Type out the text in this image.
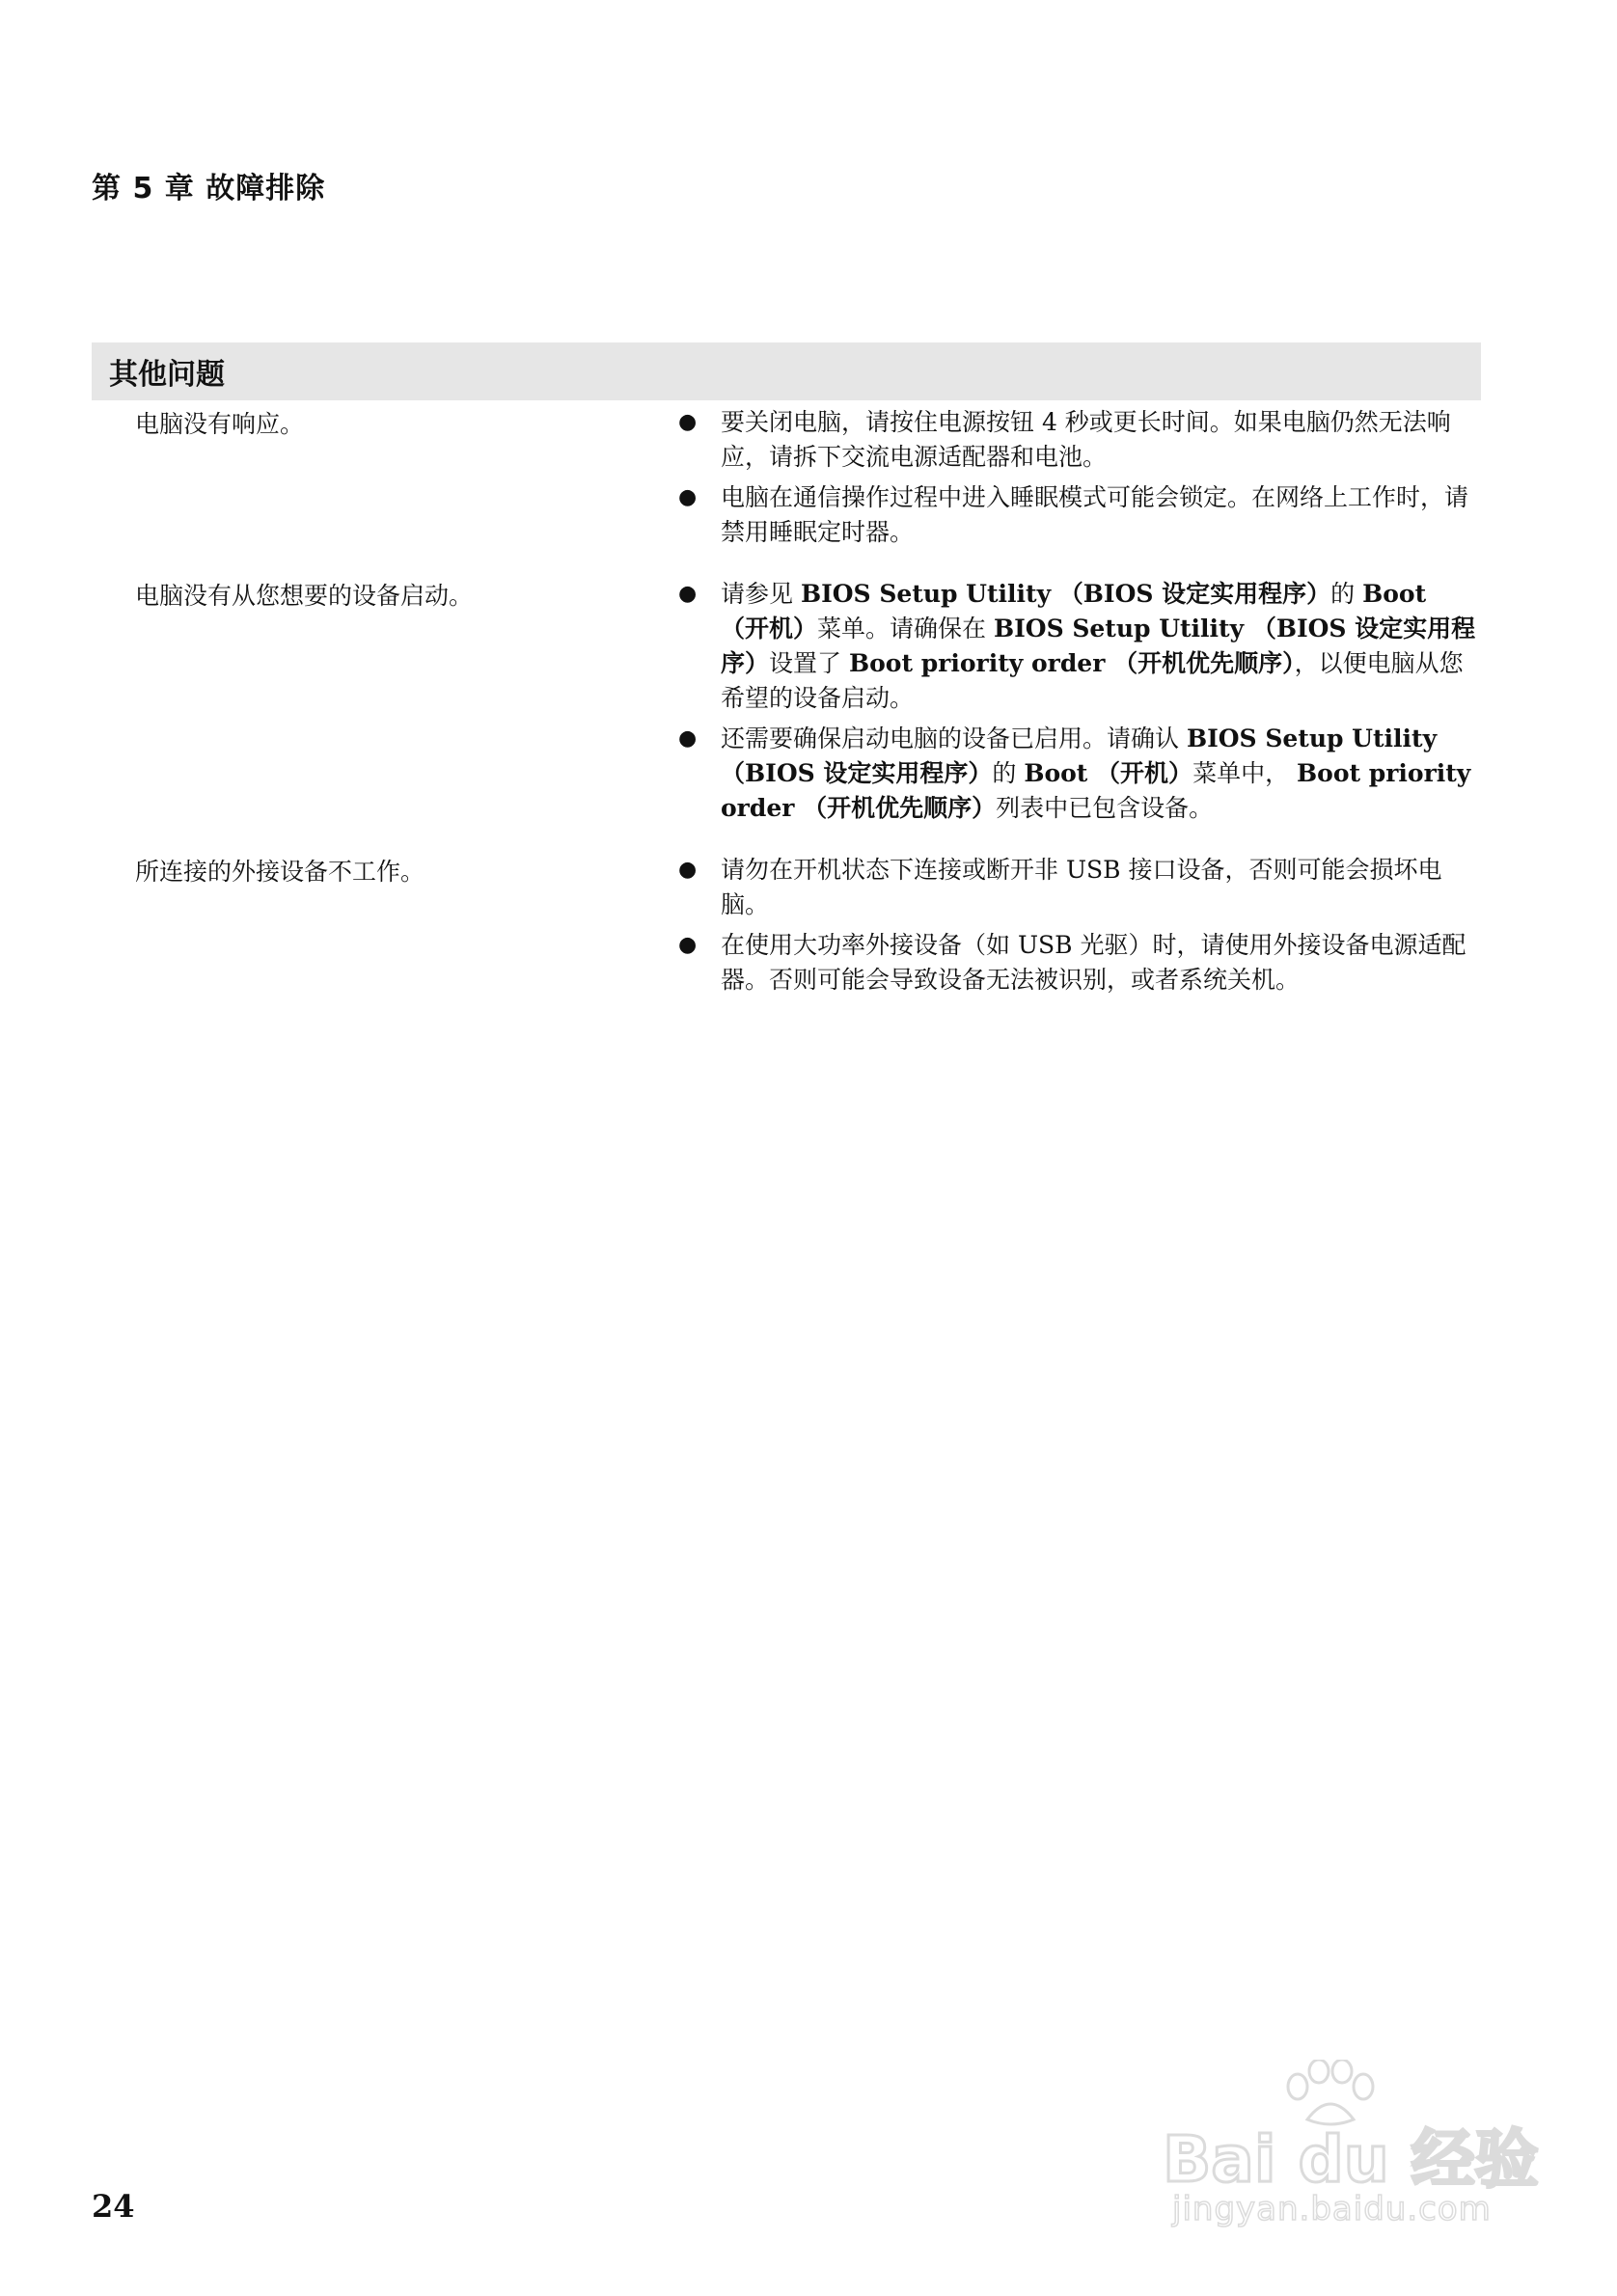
第 5 章 故障排除
其他问题
电脑没有响应。	● 要关闭电脑，请按住电源按钮 4 秒或更长时间。如果电脑仍然无法响应，请拆下交流电源适配器和电池。
● 电脑在通信操作过程中进入睡眠模式可能会锁定。在网络上工作时，请禁用睡眠定时器。
电脑没有从您想要的设备启动。	● 请参见 BIOS Setup Utility （BIOS 设定实用程序）的 Boot （开机）菜单。请确保在 BIOS Setup Utility （BIOS 设定实用程序）设置了 Boot priority order （开机优先顺序），以便电脑从您希望的设备启动。
● 还需要确保启动电脑的设备已启用。请确认 BIOS Setup Utility （BIOS 设定实用程序）的 Boot （开机）菜单中， Boot priority order （开机优先顺序）列表中已包含设备。
所连接的外接设备不工作。	● 请勿在开机状态下连接或断开非 USB 接口设备，否则可能会损坏电脑。
● 在使用大功率外接设备（如 USB 光驱）时，请使用外接设备电源适配器。否则可能会导致设备无法被识别，或者系统关机。
24
Bai du 经验
jingyan.baidu.com
